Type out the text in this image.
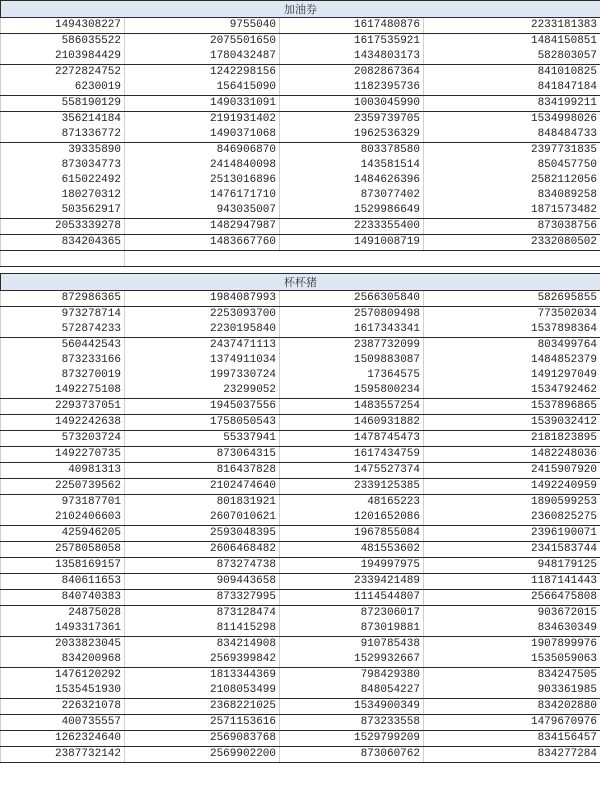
加油券			
1494308227	9755040	1617480876	2233181383
586035522	2075501650	1617535921	1484150851
2103984429	1780432487	1434803173	582803057
2272824752	1242298156	2082867364	841010825
6230019	156415090	1182395736	841847184
558190129	1490331091	1003045990	834199211
356214184	2191931402	2359739705	1534998026
871336772	1490371068	1962536329	848484733
39335890	846906870	803378580	2397731835
873034773	2414840098	143581514	850457750
615022492	2513016896	1484626396	2582112056
180270312	1476171710	873077402	834089258
503562917	943035007	1529986649	1871573482
2053339278	1482947987	2233355400	873038756
834204365	1483667760	1491008719	2332080502

杯杯猪			
872986365	1984087993	2566305840	582695855
973278714	2253093700	2570809498	773502034
572874233	2230195840	1617343341	1537898364
560442543	2437471113	2387732099	803499764
873233166	1374911034	1509883087	1484852379
873270019	1997330724	17364575	1491297049
1492275108	23299052	1595800234	1534792462
2293737051	1945037556	1483557254	1537896865
1492242638	1758050543	1460931882	1539032412
573203724	55337941	1478745473	2181823895
1492270735	873064315	1617434759	1482248036
40981313	816437828	1475527374	2415907920
2250739562	2102474640	2339125385	1492240959
973187701	801831921	48165223	1890599253
2102406603	2607010621	1201652086	2360825275
425946205	2593048395	1967855084	2396190071
2578058058	2606468482	481553602	2341583744
1358169157	873274738	194997975	948179125
840611653	909443658	2339421489	1187141443
840740383	873327995	1114544807	2566475808
24875028	873128474	872306017	903672015
1493317361	811415298	873019881	834630349
2033823045	834214908	910785438	1907899976
834200968	2569399842	1529932667	1535059063
1476120292	1813344369	798429380	834247505
1535451930	2108053499	848054227	903361985
226321078	2368221025	1534900349	834202880
400735557	2571153616	873233558	1479670976
1262324640	2569083768	1529799209	834156457
2387732142	2569902200	873060762	834277284
